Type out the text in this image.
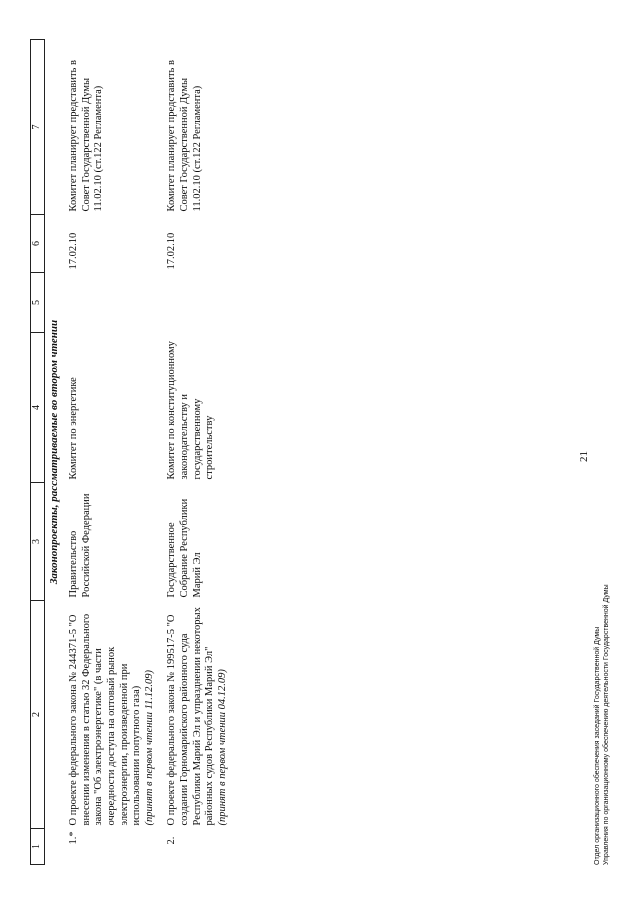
21
1	2	3	4	5	6	7
Законопроекты, рассматриваемые во втором чтении						
1.*	О проекте федерального закона № 244371-5 "О внесении изменения в статью 32 Федерального закона "Об электроэнергетике" (в части очередности доступа на оптовый рынок электроэнергии, произведенной при использовании попутного газа) (принят в первом чтении 11.12.09)	Правительство Российской Федерации	Комитет по энергетике		17.02.10	Комитет планирует представить в Совет Государственной Думы 11.02.10 (ст.122 Регламента)
2.	О проекте федерального закона № 199517-5 "О создании Горномарийского районного суда Республики Марий Эл и упразднении некоторых районных судов Республики Марий Эл" (принят в первом чтении 04.12.09)	Государственное Собрание Республики Марий Эл	Комитет по конституционному законодательству и государственному строительству		17.02.10	Комитет планирует представить в Совет Государственной Думы 11.02.10 (ст.122 Регламента)
Отдел организационного обеспечения заседаний Государственной Думы Управления по организационному обеспечению деятельности Государственной Думы
